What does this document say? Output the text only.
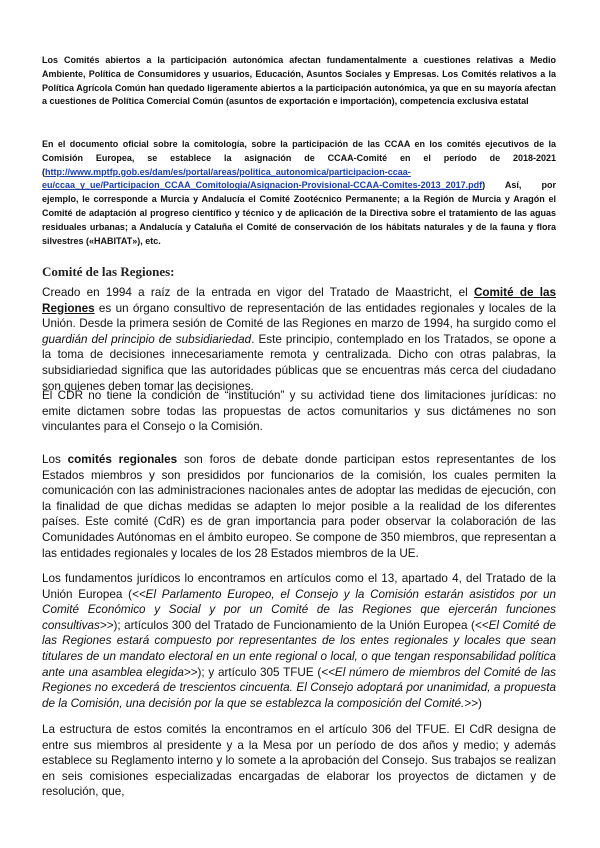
Los Comités abiertos a la participación autonómica afectan fundamentalmente a cuestiones relativas a Medio Ambiente, Política de Consumidores y usuarios, Educación, Asuntos Sociales y Empresas. Los Comités relativos a la Política Agrícola Común han quedado ligeramente abiertos a la participación autonómica, ya que en su mayoría afectan a cuestiones de Política Comercial Común (asuntos de exportación e importación), competencia exclusiva estatal

En el documento oficial sobre la comitología, sobre la participación de las CCAA en los comités ejecutivos de la Comisión Europea, se establece la asignación de CCAA-Comité en el período de 2018-2021 (http://www.mptfp.gob.es/dam/es/portal/areas/politica_autonomica/participacion-ccaa-eu/ccaa_y_ue/Participacion_CCAA_Comitologia/Asignacion-Provisional-CCAA-Comites-2013_2017.pdf) Así, por ejemplo, le corresponde a Murcia y Andalucía el Comité Zootécnico Permanente; a la Región de Murcia y Aragón el Comité de adaptación al progreso científico y técnico y de aplicación de la Directiva sobre el tratamiento de las aguas residuales urbanas; a Andalucía y Cataluña el Comité de conservación de los hábitats naturales y de la fauna y flora silvestres («HABITAT»), etc.

Comité de las Regiones:

Creado en 1994 a raíz de la entrada en vigor del Tratado de Maastricht, el Comité de las Regiones es un órgano consultivo de representación de las entidades regionales y locales de la Unión. Desde la primera sesión de Comité de las Regiones en marzo de 1994, ha surgido como el guardián del principio de subsidiariedad. Este principio, contemplado en los Tratados, se opone a la toma de decisiones innecesariamente remota y centralizada. Dicho con otras palabras, la subsidiariedad significa que las autoridades públicas que se encuentras más cerca del ciudadano son quienes deben tomar las decisiones.

El CDR no tiene la condición de “institución” y su actividad tiene dos limitaciones jurídicas: no emite dictamen sobre todas las propuestas de actos comunitarios y sus dictámenes no son vinculantes para el Consejo o la Comisión.

Los comités regionales son foros de debate donde participan estos representantes de los Estados miembros y son presididos por funcionarios de la comisión, los cuales permiten la comunicación con las administraciones nacionales antes de adoptar las medidas de ejecución, con la finalidad de que dichas medidas se adapten lo mejor posible a la realidad de los diferentes países. Este comité (CdR) es de gran importancia para poder observar la colaboración de las Comunidades Autónomas en el ámbito europeo. Se compone de 350 miembros, que representan a las entidades regionales y locales de los 28 Estados miembros de la UE.

Los fundamentos jurídicos lo encontramos en artículos como el 13, apartado 4, del Tratado de la Unión Europea (<<El Parlamento Europeo, el Consejo y la Comisión estarán asistidos por un Comité Económico y Social y por un Comité de las Regiones que ejercerán funciones consultivas>>); artículos 300 del Tratado de Funcionamiento de la Unión Europea (<<El Comité de las Regiones estará compuesto por representantes de los entes regionales y locales que sean titulares de un mandato electoral en un ente regional o local, o que tengan responsabilidad política ante una asamblea elegida>>); y artículo 305 TFUE (<<El número de miembros del Comité de las Regiones no excederá de trescientos cincuenta. El Consejo adoptará por unanimidad, a propuesta de la Comisión, una decisión por la que se establezca la composición del Comité.>>)

La estructura de estos comités la encontramos en el artículo 306 del TFUE. El CdR designa de entre sus miembros al presidente y a la Mesa por un período de dos años y medio; y además establece su Reglamento interno y lo somete a la aprobación del Consejo. Sus trabajos se realizan en seis comisiones especializadas encargadas de elaborar los proyectos de dictamen y de resolución, que,
